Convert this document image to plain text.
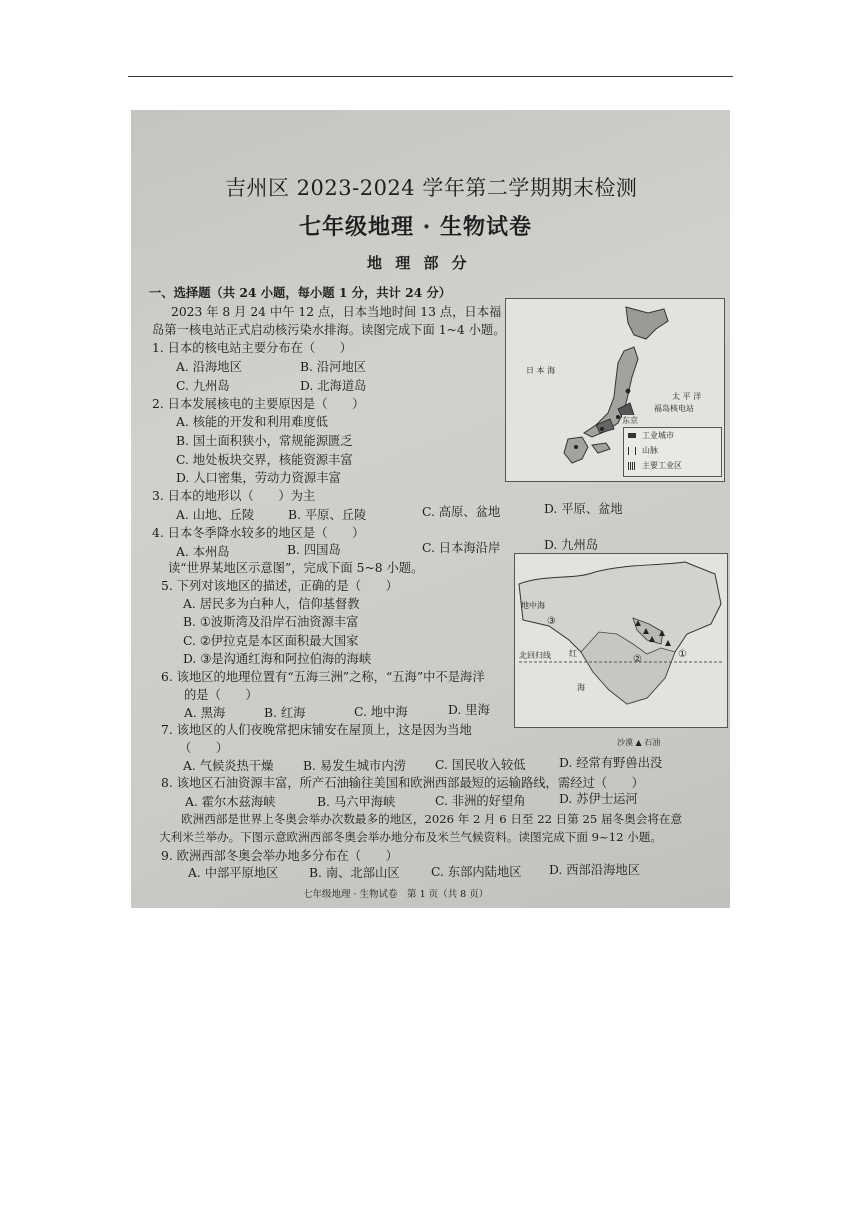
吉州区 2023-2024 学年第二学期期末检测
七年级地理 · 生物试卷
地 理 部 分
一、选择题（共 24 小题，每小题 1 分，共计 24 分）
2023 年 8 月 24 中午 12 点，日本当地时间 13 点，日本福
岛第一核电站正式启动核污染水排海。读图完成下面 1~4 小题。
1. 日本的核电站主要分布在（　　）
A. 沿海地区	B. 沿河地区
C. 九州岛	D. 北海道岛
2. 日本发展核电的主要原因是（　　）
A. 核能的开发和利用难度低
B. 国土面积狭小，常规能源匮乏
C. 地处板块交界，核能资源丰富
D. 人口密集，劳动力资源丰富
3. 日本的地形以（　　）为主
A. 山地、丘陵	B. 平原、丘陵	C. 高原、盆地	D. 平原、盆地
4. 日本冬季降水较多的地区是（　　）
A. 本州岛	B. 四国岛	C. 日本海沿岸	D. 九州岛
读“世界某地区示意图”，完成下面 5~8 小题。
5. 下列对该地区的描述，正确的是（　　）
A. 居民多为白种人，信仰基督教
B. ①波斯湾及沿岸石油资源丰富
C. ②伊拉克是本区面积最大国家
D. ③是沟通红海和阿拉伯海的海峡
6. 该地区的地理位置有“五海三洲”之称，“五海”中不是海洋
的是（　　）
A. 黑海	B. 红海	C. 地中海	D. 里海
7. 该地区的人们夜晚常把床铺安在屋顶上，这是因为当地
（　　）
A. 气候炎热干燥 B. 易发生城市内涝 C. 国民收入较低	D. 经常有野兽出没
8. 该地区石油资源丰富，所产石油输往美国和欧洲西部最短的运输路线，需经过（　　）
A. 霍尔木兹海峡	B. 马六甲海峡	C. 非洲的好望角	D. 苏伊士运河
欧洲西部是世界上冬奥会举办次数最多的地区，2026 年 2 月 6 日至 22 日第 25 届冬奥会将在意
大利米兰举办。下图示意欧洲西部冬奥会举办地分布及米兰气候资料。读图完成下面 9~12 小题。
9. 欧洲西部冬奥会举办地多分布在（　　）
A. 中部平原地区 B. 南、北部山区	C. 东部内陆地区 D. 西部沿海地区
七年级地理 · 生物试卷　第 1 页（共 8 页）
日 本 海
太 平 洋
福岛核电站
东京
工业城市
山脉
主要工业区
地中海
北回归线 红
海
①
②
③
沙漠 ▲ 石油
